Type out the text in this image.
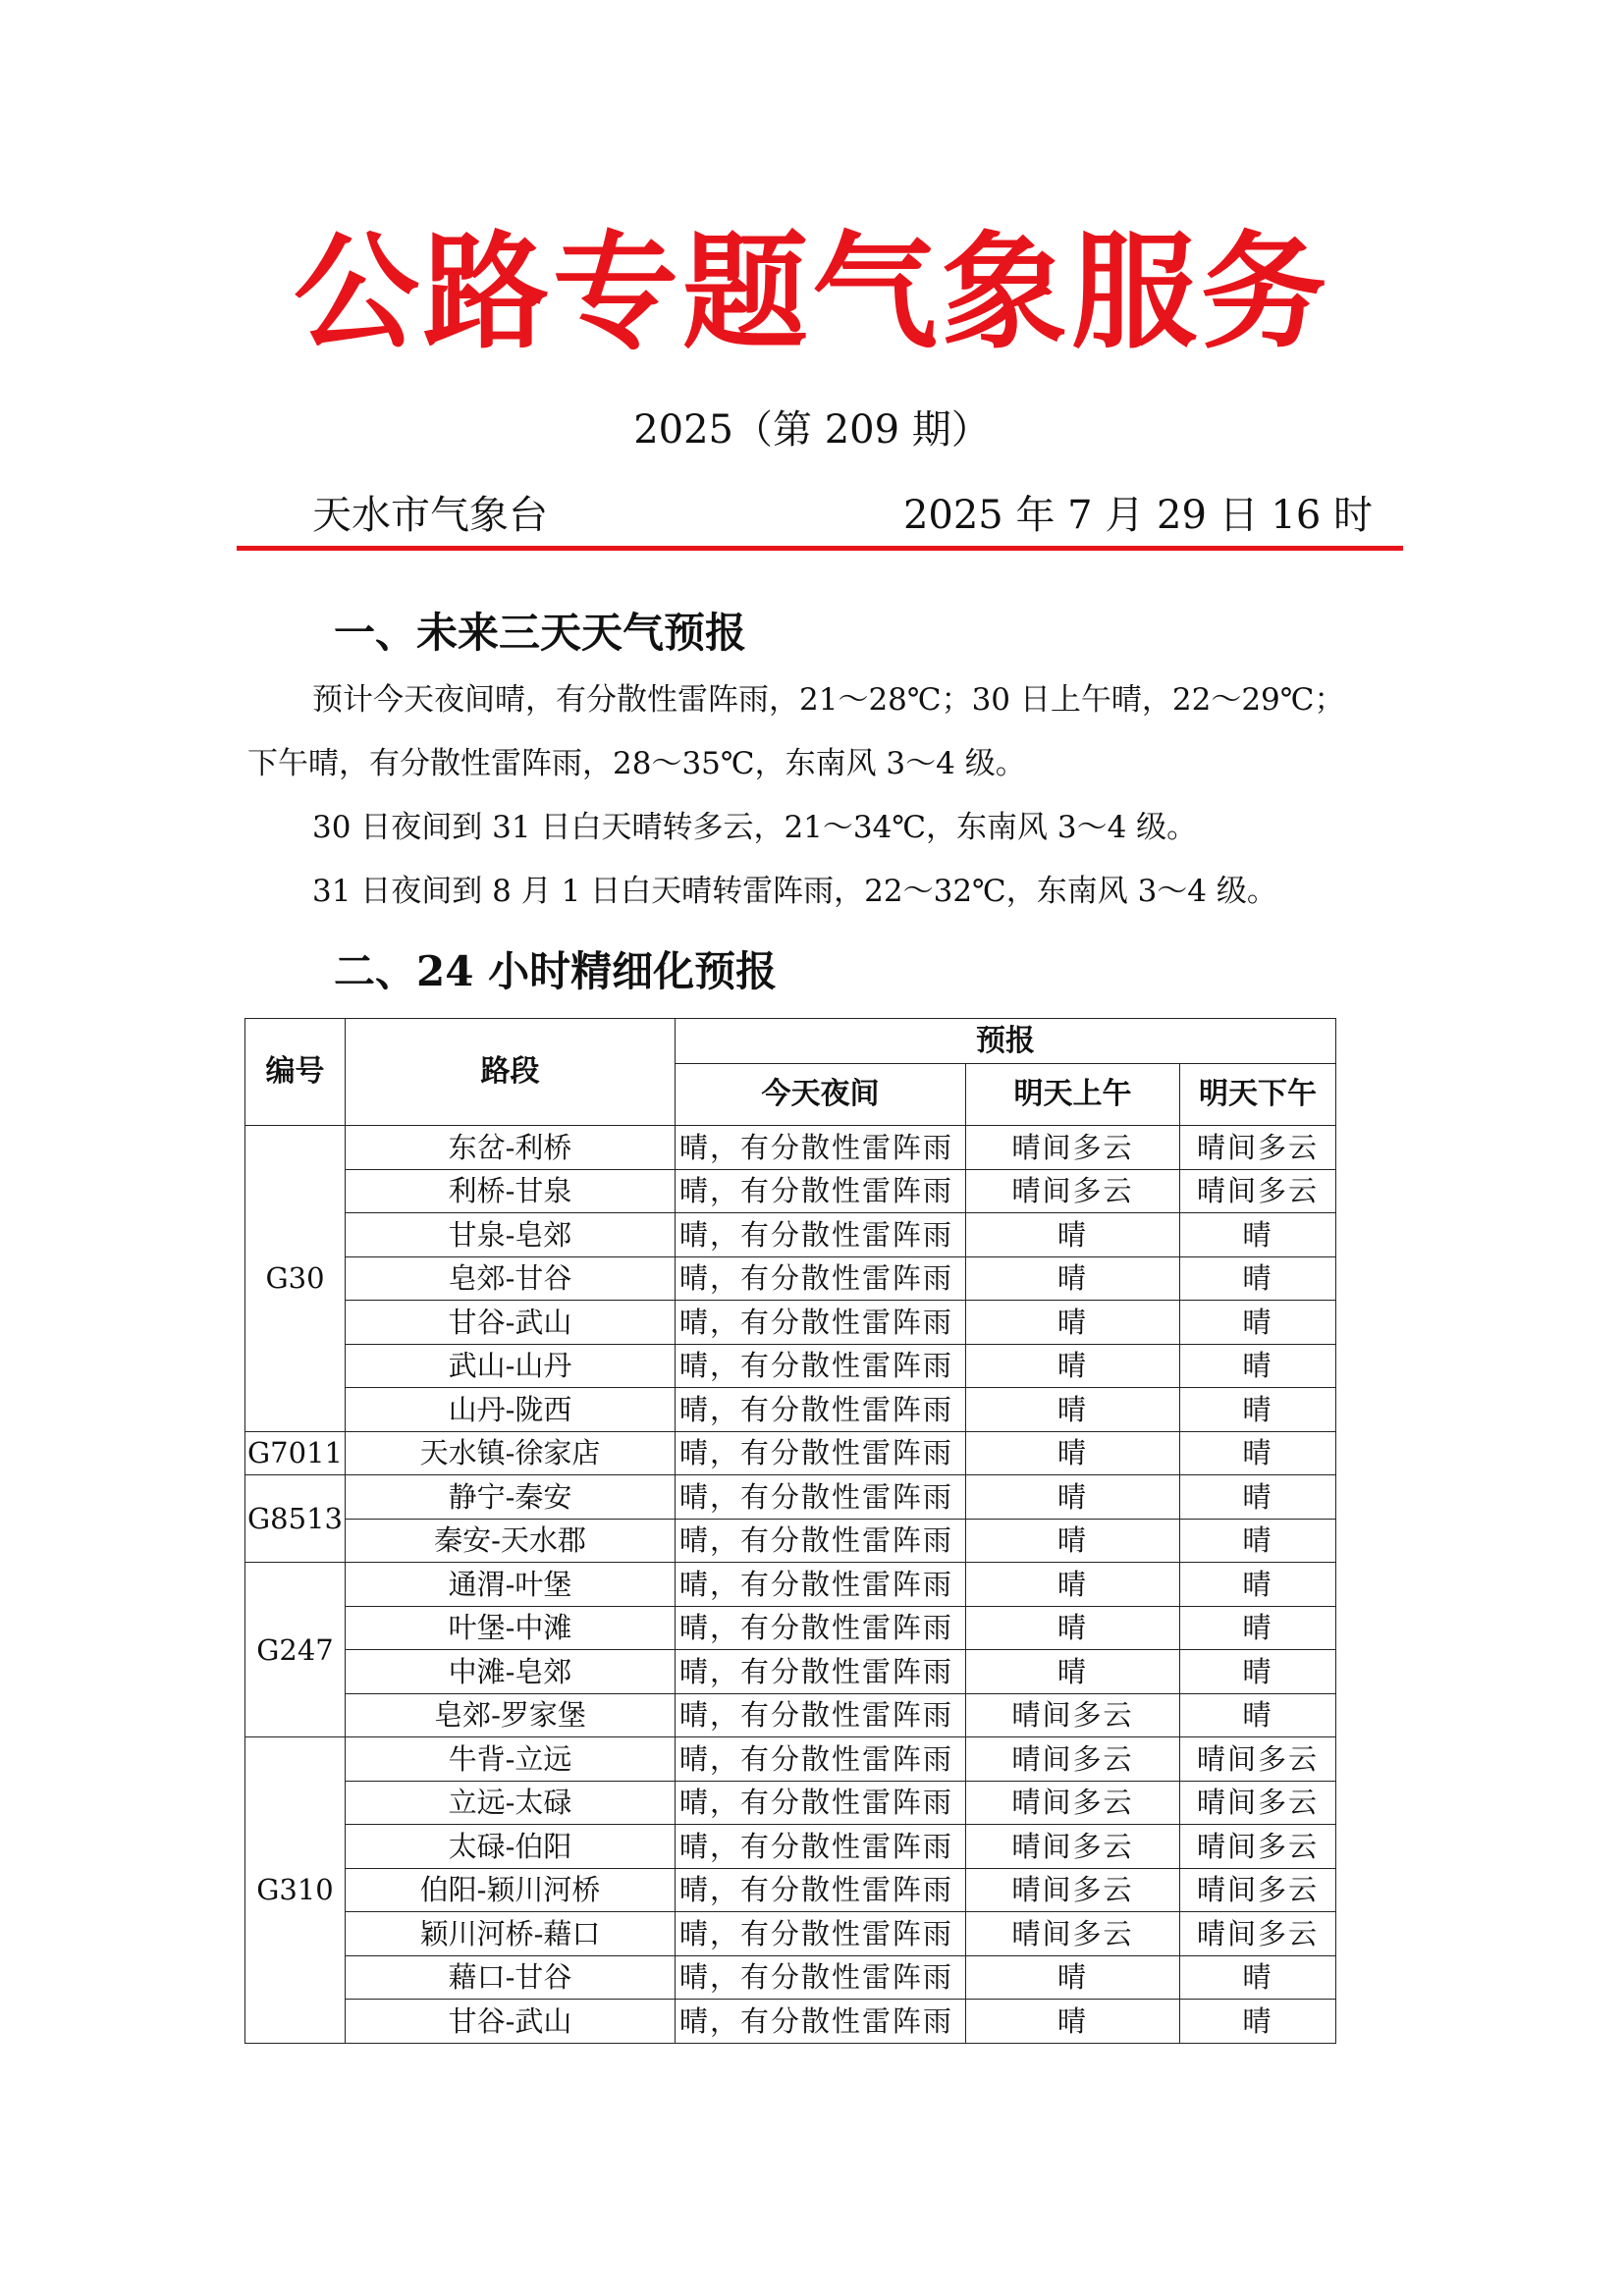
公路专题气象服务
2025（第 209 期）
天水市气象台	2025 年 7 月 29 日 16 时
一、未来三天天气预报
预计今天夜间晴，有分散性雷阵雨，21～28℃；30 日上午晴，22～29℃；
下午晴，有分散性雷阵雨，28～35℃，东南风 3～4 级。
30 日夜间到 31 日白天晴转多云，21～34℃，东南风 3～4 级。
31 日夜间到 8 月 1 日白天晴转雷阵雨，22～32℃，东南风 3～4 级。
二、24 小时精细化预报
编号	路段	预报		
		今天夜间	明天上午	明天下午
G30	东岔-利桥	晴，有分散性雷阵雨	晴间多云	晴间多云
	利桥-甘泉	晴，有分散性雷阵雨	晴间多云	晴间多云
	甘泉-皂郊	晴，有分散性雷阵雨	晴	晴
	皂郊-甘谷	晴，有分散性雷阵雨	晴	晴
	甘谷-武山	晴，有分散性雷阵雨	晴	晴
	武山-山丹	晴，有分散性雷阵雨	晴	晴
	山丹-陇西	晴，有分散性雷阵雨	晴	晴
G7011	天水镇-徐家店	晴，有分散性雷阵雨	晴	晴
G8513	静宁-秦安	晴，有分散性雷阵雨	晴	晴
	秦安-天水郡	晴，有分散性雷阵雨	晴	晴
G247	通渭-叶堡	晴，有分散性雷阵雨	晴	晴
	叶堡-中滩	晴，有分散性雷阵雨	晴	晴
	中滩-皂郊	晴，有分散性雷阵雨	晴	晴
	皂郊-罗家堡	晴，有分散性雷阵雨	晴间多云	晴
G310	牛背-立远	晴，有分散性雷阵雨	晴间多云	晴间多云
	立远-太碌	晴，有分散性雷阵雨	晴间多云	晴间多云
	太碌-伯阳	晴，有分散性雷阵雨	晴间多云	晴间多云
	伯阳-颖川河桥	晴，有分散性雷阵雨	晴间多云	晴间多云
	颖川河桥-藉口	晴，有分散性雷阵雨	晴间多云	晴间多云
	藉口-甘谷	晴，有分散性雷阵雨	晴	晴
	甘谷-武山	晴，有分散性雷阵雨	晴	晴
